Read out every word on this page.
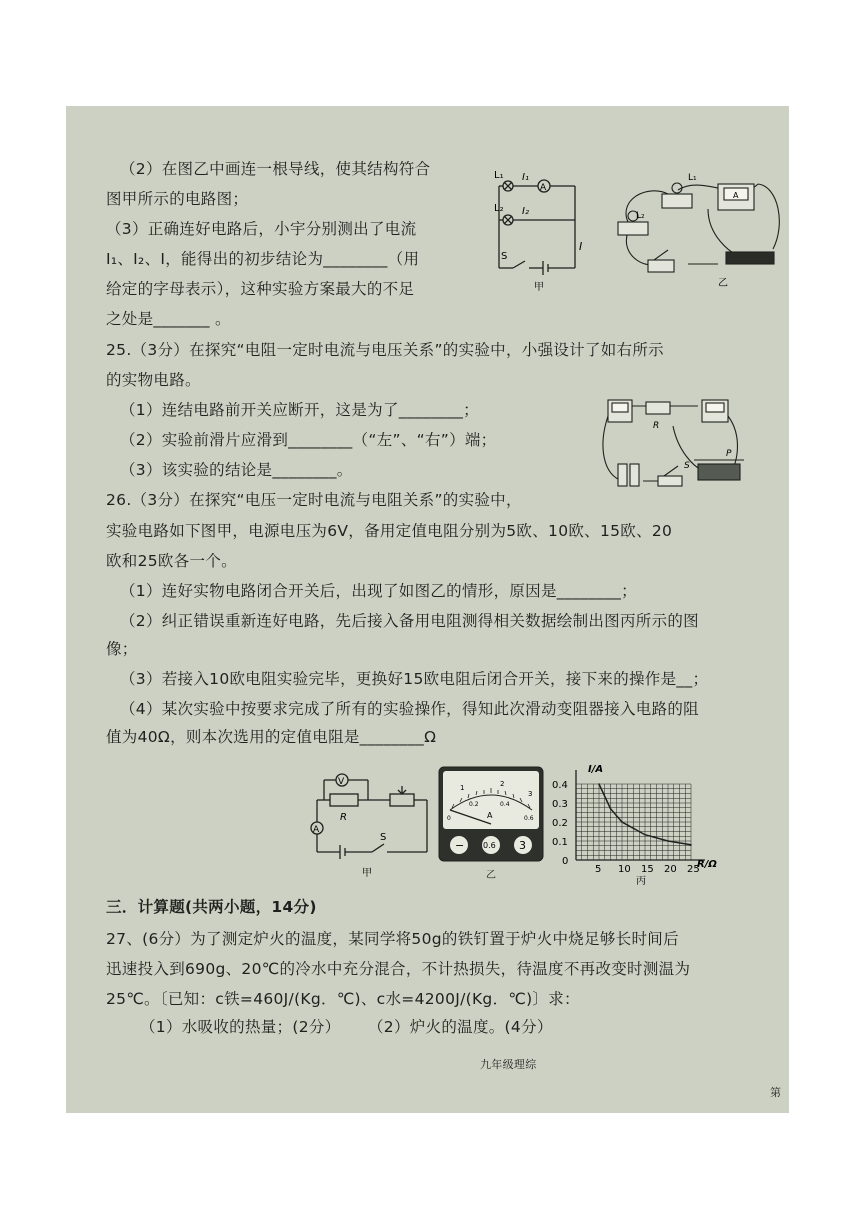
（2）在图乙中画连一根导线，使其结构符合
图甲所示的电路图；
（3）正确连好电路后，小宇分别测出了电流
I₁、I₂、I，能得出的初步结论为________（用
给定的字母表示），这种实验方案最大的不足
之处是_______ 。
L₁ I₁
A
L₂ I₂
S
I
甲
L₁
L₂
A
乙
25.（3分）在探究“电阻一定时电流与电压关系”的实验中，小强设计了如右所示
的实物电路。
（1）连结电路前开关应断开，这是为了________；
（2）实验前滑片应滑到________（“左”、“右”）端；
（3）该实验的结论是________。
R
S
P
26.（3分）在探究“电压一定时电流与电阻关系”的实验中，
实验电路如下图甲，电源电压为6V，备用定值电阻分别为5欧、10欧、15欧、20
欧和25欧各一个。
（1）连好实物电路闭合开关后，出现了如图乙的情形，原因是________；
（2）纠正错误重新连好电路，先后接入备用电阻测得相关数据绘制出图丙所示的图
像；
（3）若接入10欧电阻实验完毕，更换好15欧电阻后闭合开关，接下来的操作是__；
（4）某次实验中按要求完成了所有的实验操作，得知此次滑动变阻器接入电路的阻
值为40Ω，则本次选用的定值电阻是________Ω
V
A
R
S
甲
1	2
3
0.2	0.4
0	0.6
A
− 0.6 3
乙
0
5 10 15 20 25
0.1
0.2
0.3
0.4
I/A
R/Ω
丙
三．计算题(共两小题，14分)
27、(6分）为了测定炉火的温度，某同学将50g的铁钉置于炉火中烧足够长时间后
迅速投入到690g、20℃的冷水中充分混合，不计热损失，待温度不再改变时测温为
25℃。〔已知：c铁=460J/(Kg．℃)、c水=4200J/(Kg．℃)〕求：
（1）水吸收的热量；(2分） （2）炉火的温度。(4分）
九年级理综
第
